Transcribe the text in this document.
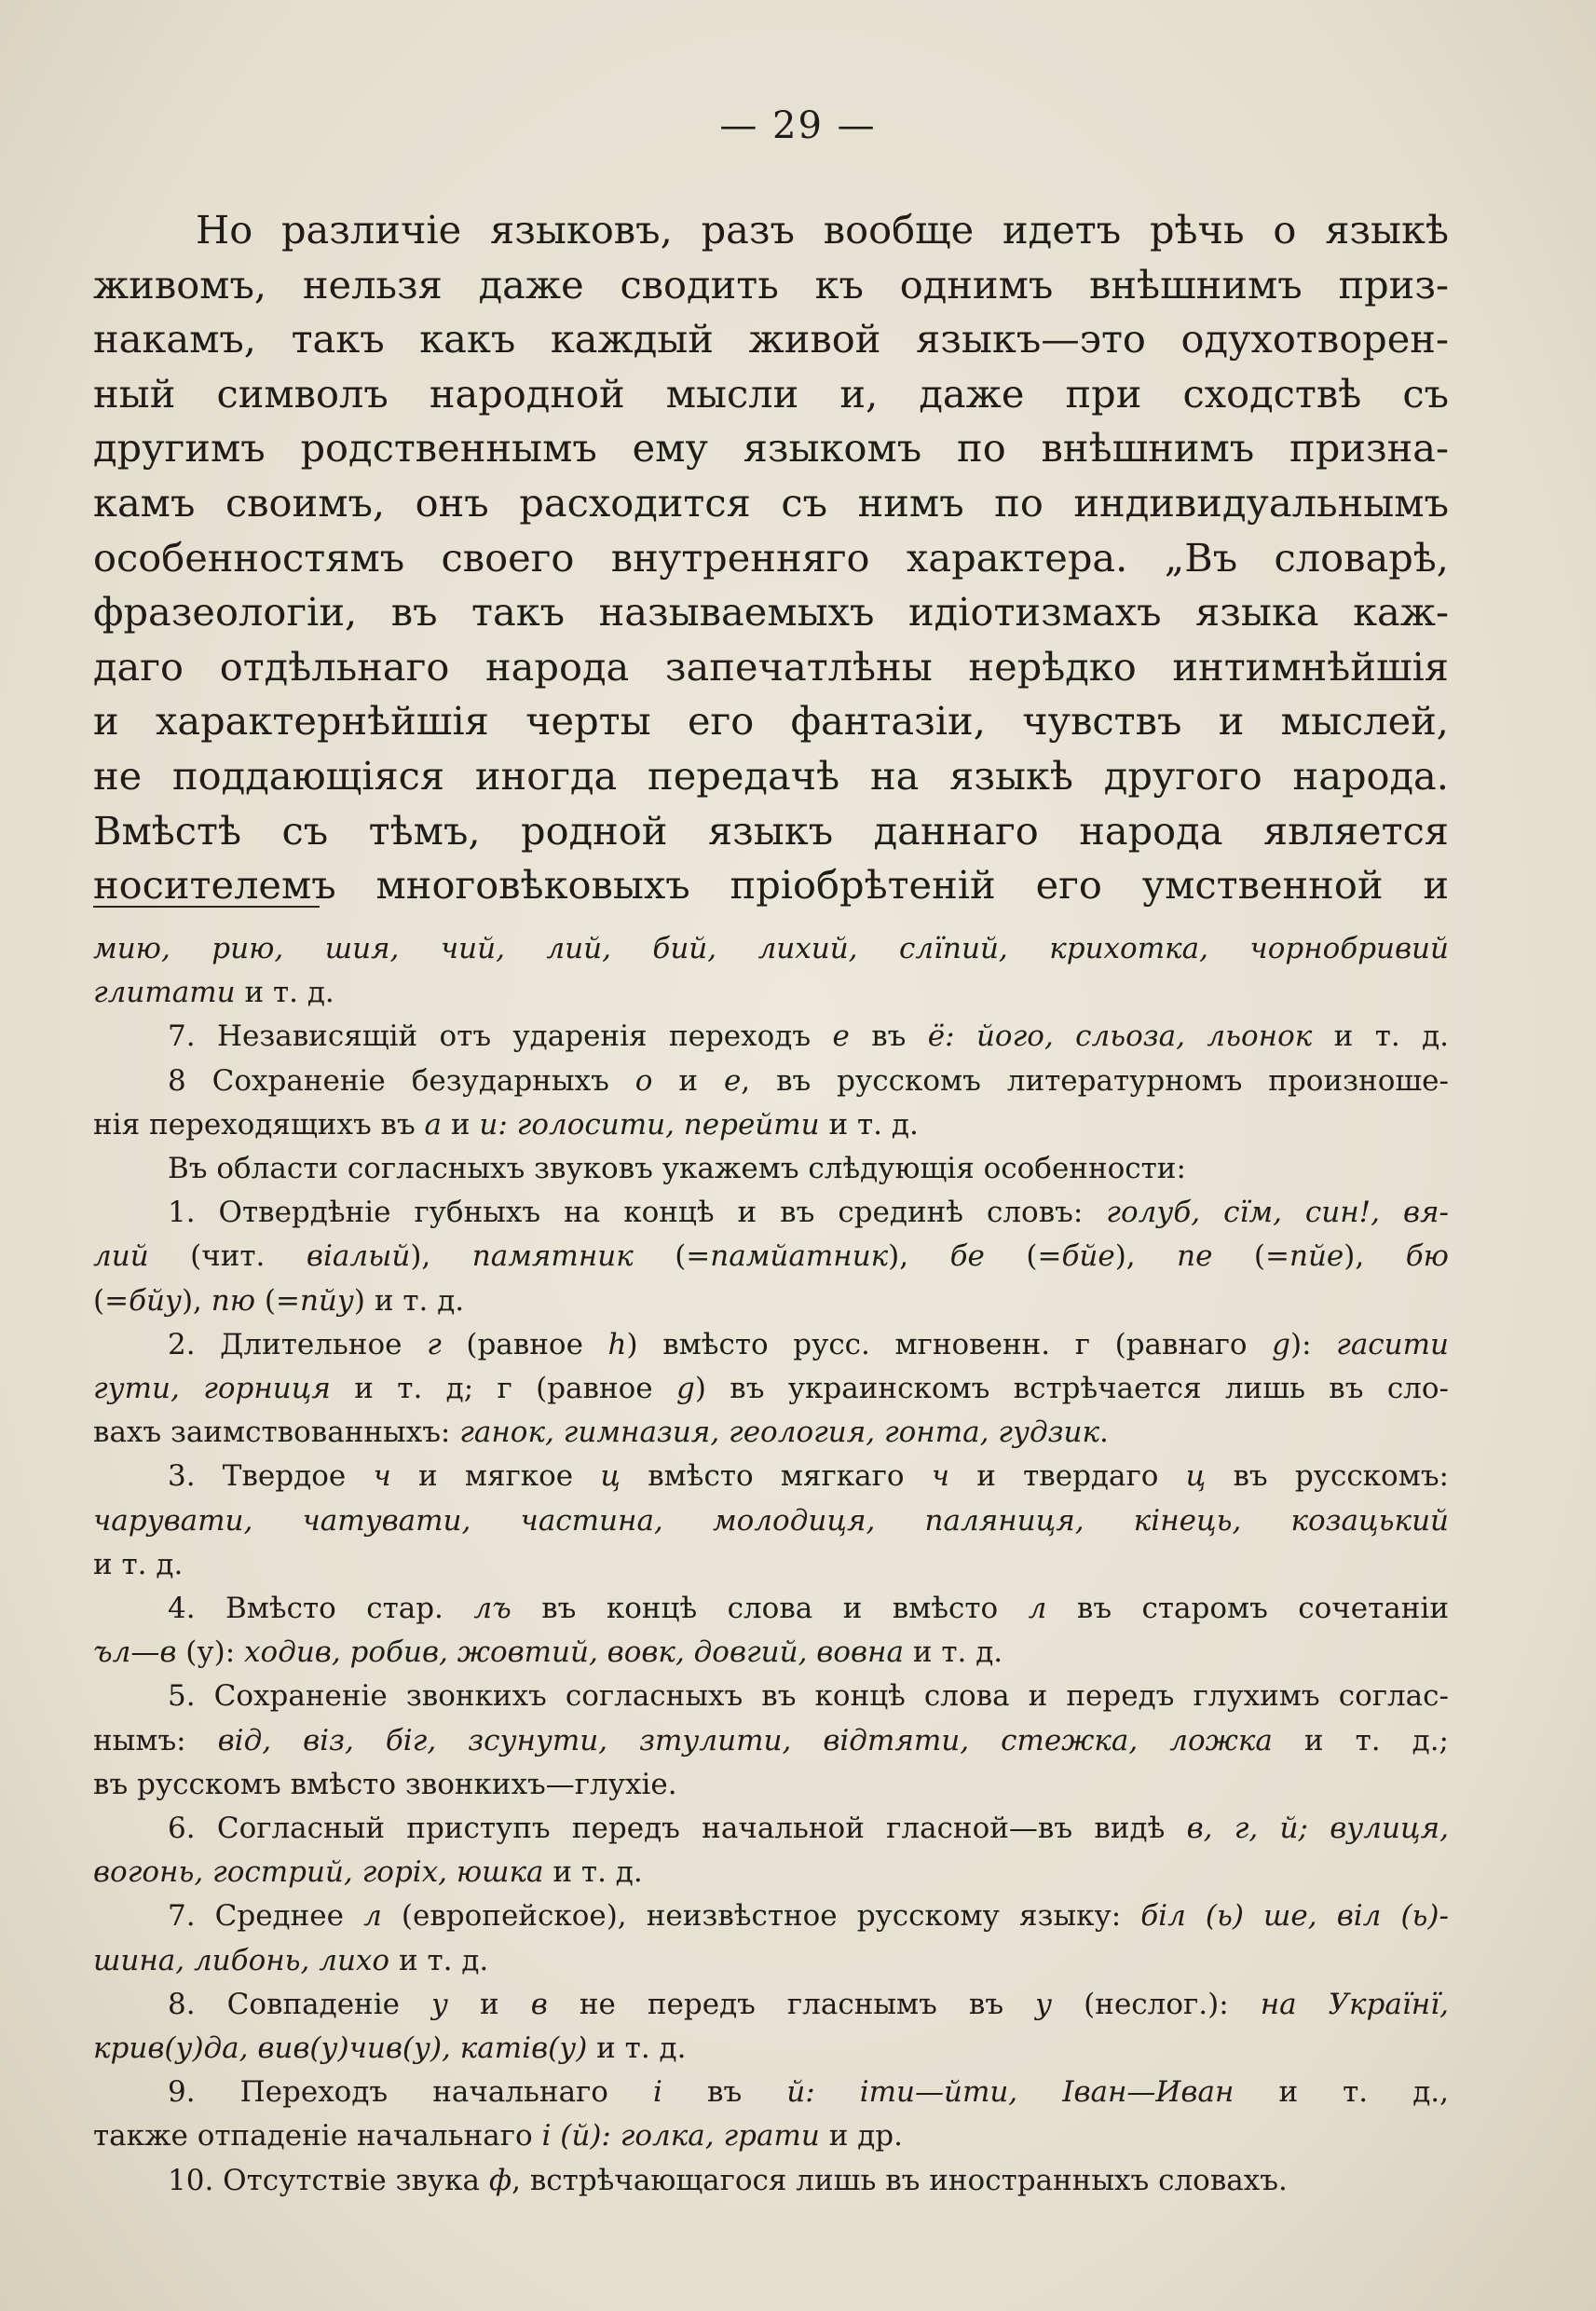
— 29 —

Но различіе языковъ, разъ вообще идетъ рѣчь о языкѣ

живомъ, нельзя даже сводить къ однимъ внѣшнимъ приз-

накамъ, такъ какъ каждый живой языкъ—это одухотворен-

ный символъ народной мысли и, даже при сходствѣ съ

другимъ родственнымъ ему языкомъ по внѣшнимъ призна-

камъ своимъ, онъ расходится съ нимъ по индивидуальнымъ

особенностямъ своего внутренняго характера. „Въ словарѣ,

фразеологіи, въ такъ называемыхъ идіотизмахъ языка каж-

даго отдѣльнаго народа запечатлѣны нерѣдко интимнѣйшія

и характернѣйшія черты его фантазіи, чувствъ и мыслей,

не поддающіяся иногда передачѣ на языкѣ другого народа.

Вмѣстѣ съ тѣмъ, родной языкъ даннаго народа является

носителемъ многовѣковыхъ пріобрѣтеній его умственной и

мию, рию, шия, чий, лий, бий, лихий, слїпий, крихотка, чорнобривий

глитати и т. д.

7. Независящій отъ ударенія переходъ е въ ё: його, сльоза, льонок и т. д.

8 Сохраненіе безударныхъ о и е, въ русскомъ литературномъ произноше-

нія переходящихъ въ а и и: голосити, перейти и т. д.

Въ области согласныхъ звуковъ укажемъ слѣдующія особенности:

1. Отвердѣніе губныхъ на концѣ и въ срединѣ словъ: голуб, сїм, син!, вя-

лий (чит. віалый), памятник (=памйатник), бе (=бйе), пе (=пйе), бю

(=бйу), пю (=пйу) и т. д.

2. Длительное г (равное h) вмѣсто русс. мгновенн. г (равнаго g): гасити

гути, горниця и т. д; г (равное g) въ украинскомъ встрѣчается лишь въ сло-

вахъ заимствованныхъ: ганок, гимназия, геология, гонта, гудзик.

3. Твердое ч и мягкое ц вмѣсто мягкаго ч и твердаго ц въ русскомъ:

чарувати, чатувати, частина, молодиця, паляниця, кінець, козацький

и т. д.

4. Вмѣсто стар. лъ въ концѣ слова и вмѣсто л въ старомъ сочетаніи

ъл—в (у): ходив, робив, жовтий, вовк, довгий, вовна и т. д.

5. Сохраненіе звонкихъ согласныхъ въ концѣ слова и передъ глухимъ соглас-

нымъ: від, віз, біг, зсунути, зтулити, відтяти, стежка, ложка и т. д.;

въ русскомъ вмѣсто звонкихъ—глухіе.

6. Согласный приступъ передъ начальной гласной—въ видѣ в, г, й; вулиця,

вогонь, гострий, горіх, юшка и т. д.

7. Среднее л (европейское), неизвѣстное русскому языку: біл (ь) ше, віл (ь)-

шина, либонь, лихо и т. д.

8. Совпаденіе у и в не передъ гласнымъ въ у (неслог.): на Украïнї,

крив(у)да, вив(у)чив(у), катів(у) и т. д.

9. Переходъ начальнаго і въ й: іти—йти, Іван—Иван и т. д.,

также отпаденіе начальнаго і (й): голка, грати и др.

10. Отсутствіе звука ф, встрѣчающагося лишь въ иностранныхъ словахъ.
